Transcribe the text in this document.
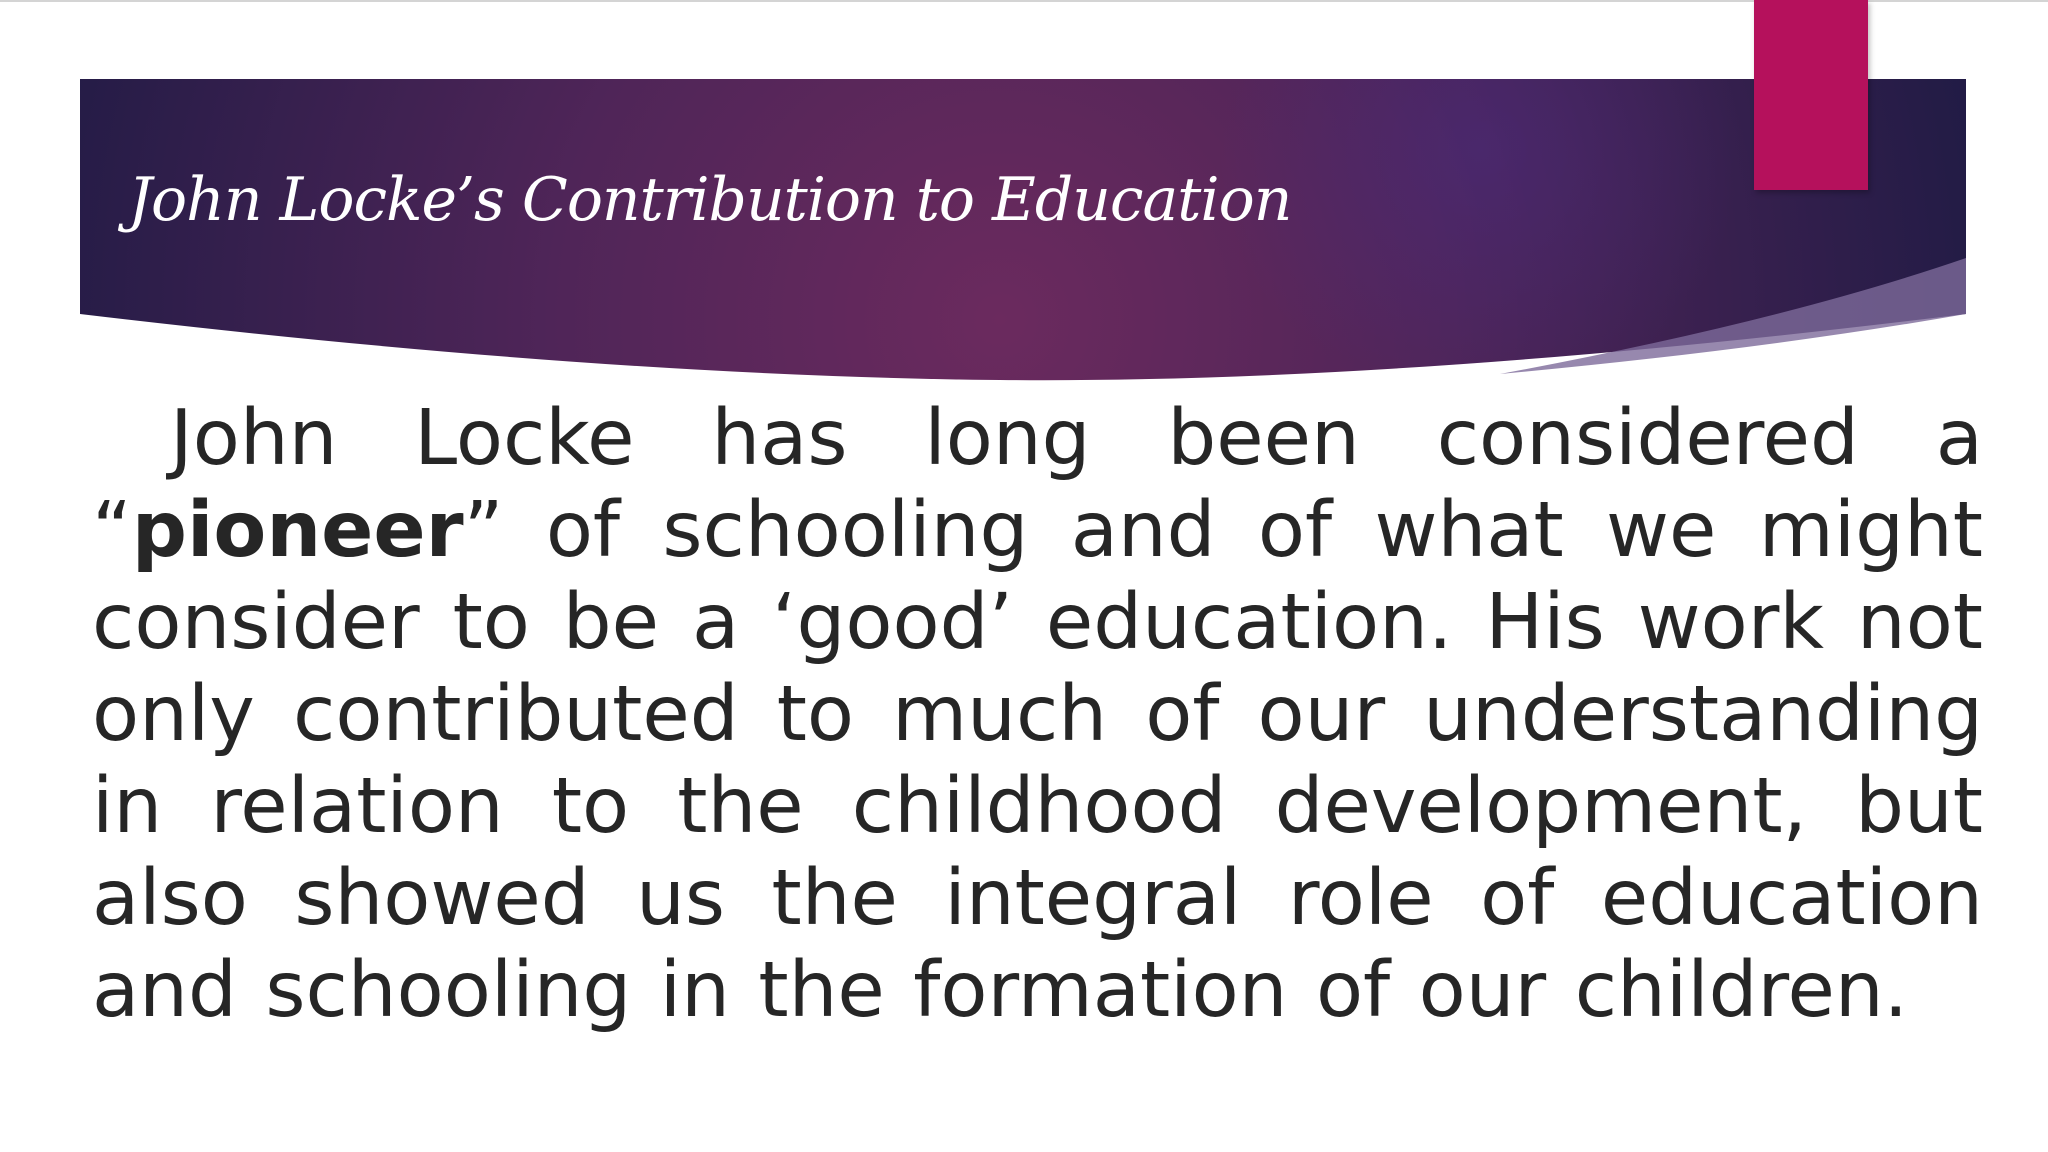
John Locke’s Contribution to Education

John Locke has long been considered a “pioneer” of schooling and of what we might consider to be a ‘good’ education. His work not only contributed to much of our understanding in relation to the childhood development, but also showed us the integral role of education and schooling in the formation of our children.
